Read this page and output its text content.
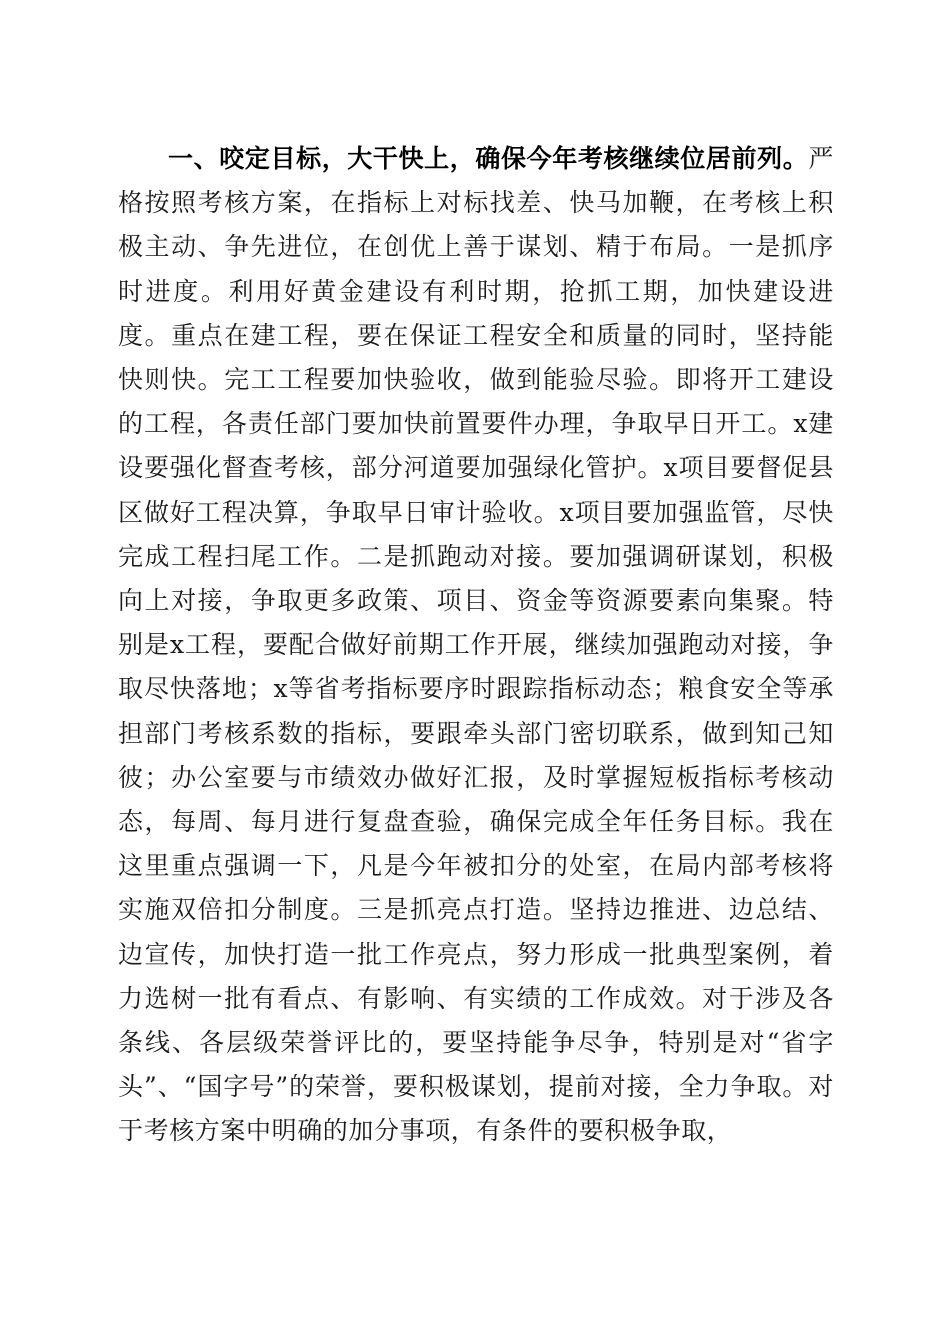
一、咬定目标，大干快上，确保今年考核继续位居前列。严格按照考核方案，在指标上对标找差、快马加鞭，在考核上积极主动、争先进位，在创优上善于谋划、精于布局。一是抓序时进度。利用好黄金建设有利时期，抢抓工期，加快建设进度。重点在建工程，要在保证工程安全和质量的同时，坚持能快则快。完工工程要加快验收，做到能验尽验。即将开工建设的工程，各责任部门要加快前置要件办理，争取早日开工。x建设要强化督查考核，部分河道要加强绿化管护。x项目要督促县区做好工程决算，争取早日审计验收。x项目要加强监管，尽快完成工程扫尾工作。二是抓跑动对接。要加强调研谋划，积极向上对接，争取更多政策、项目、资金等资源要素向集聚。特别是x工程，要配合做好前期工作开展，继续加强跑动对接，争取尽快落地；x等省考指标要序时跟踪指标动态；粮食安全等承担部门考核系数的指标，要跟牵头部门密切联系，做到知己知彼；办公室要与市绩效办做好汇报，及时掌握短板指标考核动态，每周、每月进行复盘查验，确保完成全年任务目标。我在这里重点强调一下，凡是今年被扣分的处室，在局内部考核将实施双倍扣分制度。三是抓亮点打造。坚持边推进、边总结、边宣传，加快打造一批工作亮点，努力形成一批典型案例，着力选树一批有看点、有影响、有实绩的工作成效。对于涉及各条线、各层级荣誉评比的，要坚持能争尽争，特别是对“省字头”、“国字号”的荣誉，要积极谋划，提前对接，全力争取。对于考核方案中明确的加分事项，有条件的要积极争取，
